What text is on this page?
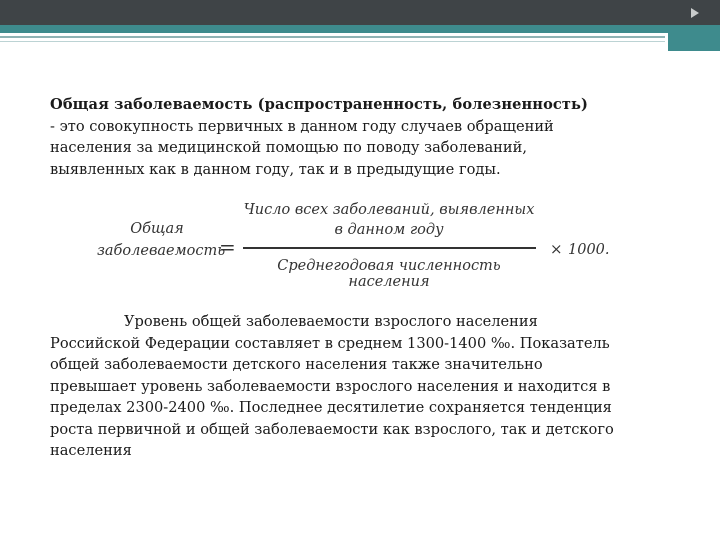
Общая заболеваемость (распространенность, болезненность)
- это совокупность первичных в данном году случаев обращений
населения за медицинской помощью по поводу заболеваний,
выявленных как в данном году, так и в предыдущие годы.
Общая
заболеваемость
=
Число всех заболеваний, выявленных
в данном году
Среднегодовая численность населения
× 1000.
Уровень общей заболеваемости взрослого населения
Российской Федерации составляет в среднем 1300-1400 ‰. Показатель
общей заболеваемости детского населения также значительно
превышает уровень заболеваемости взрослого населения и находится в
пределах 2300-2400 ‰. Последнее десятилетие сохраняется тенденция
роста первичной и общей заболеваемости как взрослого, так и детского
населения
